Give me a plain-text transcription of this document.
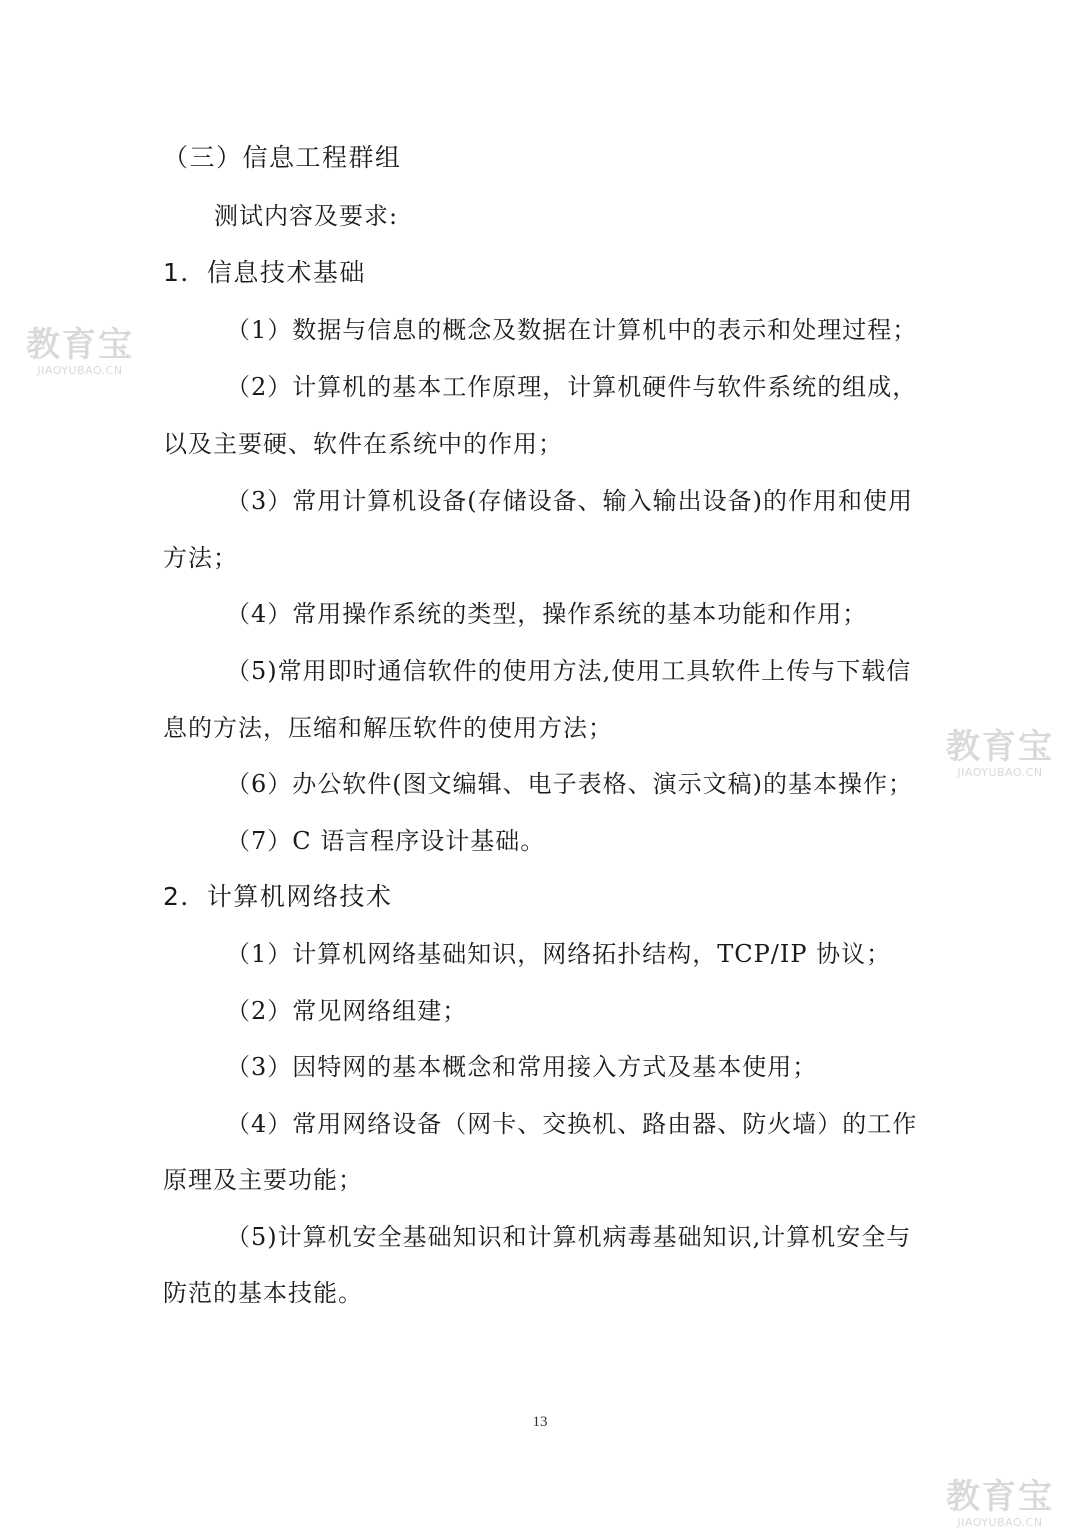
教育宝
JIAOYUBAO.CN
教育宝
JIAOYUBAO.CN
教育宝
JIAOYUBAO.CN
（三）信息工程群组
测试内容及要求:
1．信息技术基础
（1）数据与信息的概念及数据在计算机中的表示和处理过程；
（2）计算机的基本工作原理，计算机硬件与软件系统的组成，
以及主要硬、软件在系统中的作用；
（3）常用计算机设备(存储设备、输入输出设备)的作用和使用
方法；
（4）常用操作系统的类型，操作系统的基本功能和作用；
（5)常用即时通信软件的使用方法,使用工具软件上传与下载信
息的方法，压缩和解压软件的使用方法；
（6）办公软件(图文编辑、电子表格、演示文稿)的基本操作；
（7）C 语言程序设计基础。
2．计算机网络技术
（1）计算机网络基础知识，网络拓扑结构，TCP/IP 协议；
（2）常见网络组建；
（3）因特网的基本概念和常用接入方式及基本使用；
（4）常用网络设备（网卡、交换机、路由器、防火墙）的工作
原理及主要功能；
（5)计算机安全基础知识和计算机病毒基础知识,计算机安全与
防范的基本技能。
13
